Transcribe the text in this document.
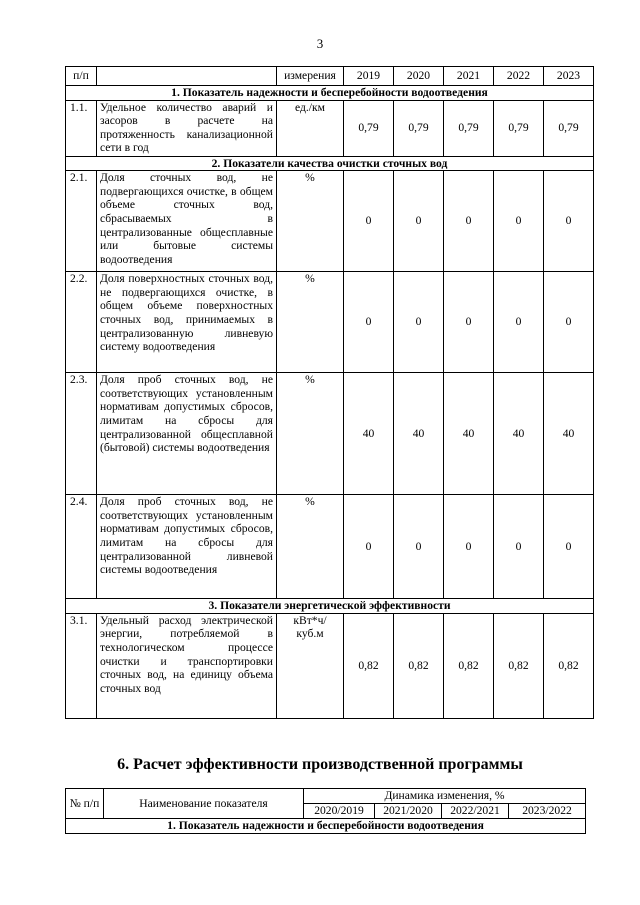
3
п/п		измерения	2019	2020	2021	2022	2023
1. Показатель надежности и бесперебойности водоотведения							
1.1.	Удельное количество аварий и засоров в расчете на протяженность канализационной сети в год	ед./км	0,79	0,79	0,79	0,79	0,79
2. Показатели качества очистки сточных вод							
2.1.	Доля сточных вод, не подвергающихся очистке, в общем объеме сточных вод, сбрасываемых в централизованные общесплавные или бытовые системы водоотведения	%	0	0	0	0	0
2.2.	Доля поверхностных сточных вод, не подвергающихся очистке, в общем объеме поверхностных сточных вод, принимаемых в централизованную ливневую систему водоотведения	%	0	0	0	0	0
2.3.	Доля проб сточных вод, не соответствующих установленным нормативам допустимых сбросов, лимитам на сбросы для централизованной общесплавной (бытовой) системы водоотведения	%	40	40	40	40	40
2.4.	Доля проб сточных вод, не соответствующих установленным нормативам допустимых сбросов, лимитам на сбросы для централизованной ливневой системы водоотведения	%	0	0	0	0	0
3. Показатели энергетической эффективности							
3.1.	Удельный расход электрической энергии, потребляемой в технологическом процессе очистки и транспортировки сточных вод, на единицу объема сточных вод	кВт*ч/ куб.м	0,82	0,82	0,82	0,82	0,82
6. Расчет эффективности производственной программы
№ п/п	Наименование показателя	Динамика изменения, %			
		2020/2019	2021/2020	2022/2021	2023/2022
1. Показатель надежности и бесперебойности водоотведения					
